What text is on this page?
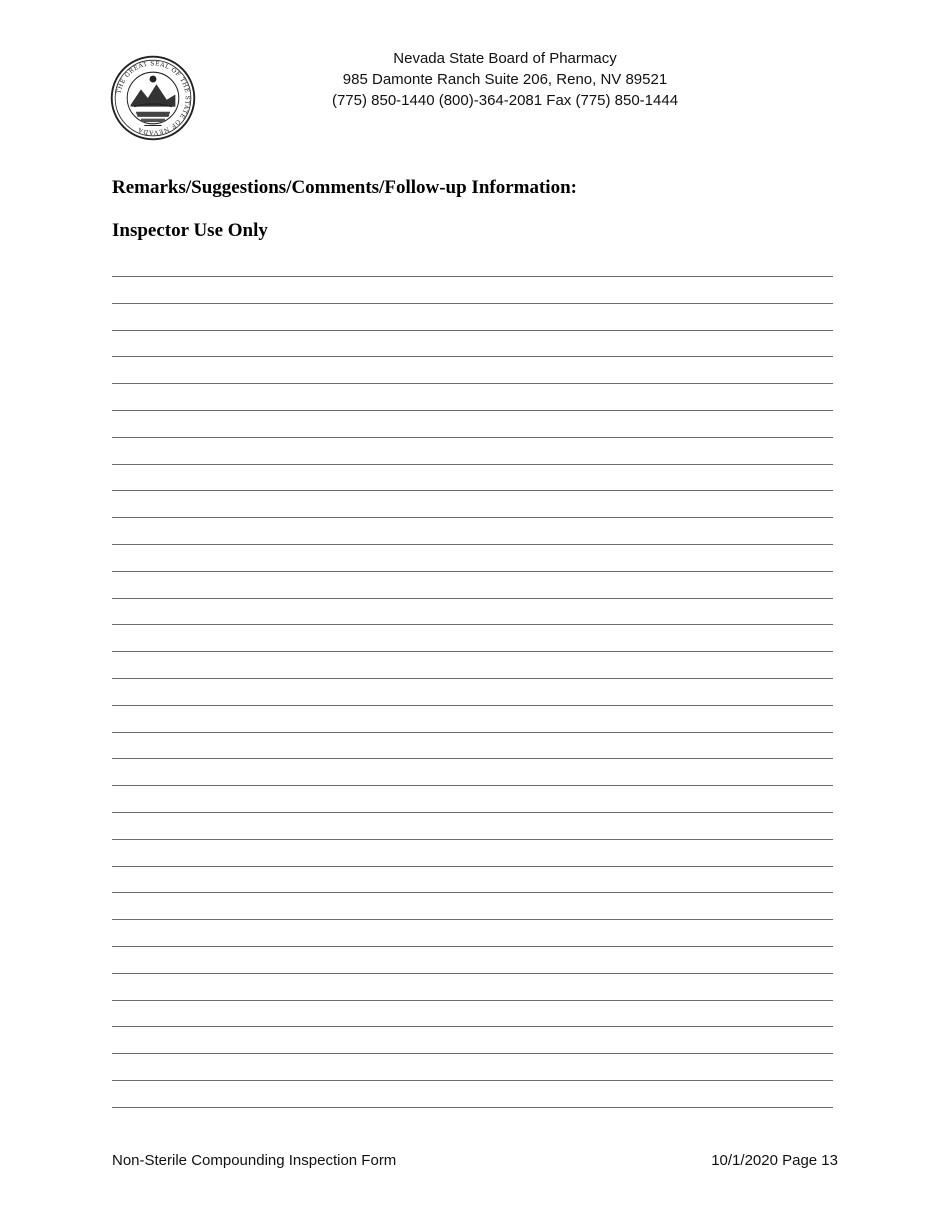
THE GREAT SEAL OF THE STATE OF NEVADA
Nevada State Board of Pharmacy
985 Damonte Ranch Suite 206, Reno, NV 89521
(775) 850-1440 (800)-364-2081 Fax (775) 850-1444
Remarks/Suggestions/Comments/Follow-up Information:
Inspector Use Only
Non-Sterile Compounding Inspection Form	10/1/2020 Page 13
